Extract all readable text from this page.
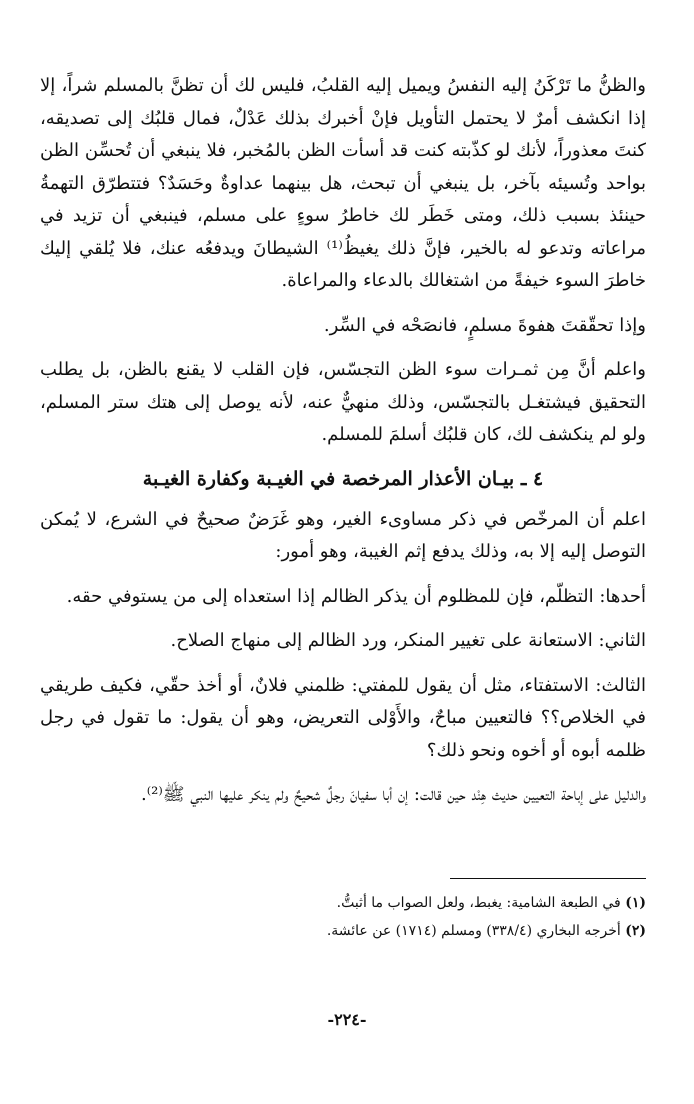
والظنُّ ما تَرْكَنُ إليه النفسُ ويميل إليه القلبُ، فليس لك أن تظنَّ بالمسلم شراً، إلا إذا انكشف أمرٌ لا يحتمل التأويل فإنْ أخبرك بذلك عَدْلٌ، فمال قلبُك إلى تصديقه، كنتَ معذوراً، لأنك لو كذّبته كنت قد أسأت الظن بالمُخبر، فلا ينبغي أن تُحسِّن الظن بواحد وتُسيئه بآخر، بل ينبغي أن تبحث، هل بينهما عداوةٌ وحَسَدٌ؟ فتتطرّق التهمةُ حينئذ بسبب ذلك، ومتى خَطَر لك خاطرُ سوءٍ على مسلم، فينبغي أن تزيد في مراعاته وتدعو له بالخير، فإنَّ ذلك يغيظُ⁽¹⁾ الشيطانَ ويدفعُه عنك، فلا يُلقي إليك خاطرَ السوء خيفةً من اشتغالك بالدعاء والمراعاة.

وإذا تحقّقتَ هفوةَ مسلمٍ، فانصَحْه في السِّر.

واعلم أنَّ مِن ثمـرات سوء الظن التجسّس، فإن القلب لا يقنع بالظن، بل يطلب التحقيق فيشتغـل بالتجسّس، وذلك منهيٌّ عنه، لأنه يوصل إلى هتك ستر المسلم، ولو لم ينكشف لك، كان قلبُك أسلمَ للمسلم.

٤ ـ بيـان الأعذار المرخصة في الغيـبة وكفارة الغيـبة

اعلم أن المرخّص في ذكر مساوىء الغير، وهو غَرَضٌ صحيحٌ في الشرع، لا يُمكن التوصل إليه إلا به، وذلك يدفع إثم الغيبة، وهو أمور:

أحدها: التظلّم، فإن للمظلوم أن يذكر الظالم إذا استعداه إلى من يستوفي حقه.

الثاني: الاستعانة على تغيير المنكر، ورد الظالم إلى منهاج الصلاح.

الثالث: الاستفتاء، مثل أن يقول للمفتي: ظلمني فلانٌ، أو أخذ حقّي، فكيف طريقي في الخلاص؟؟ فالتعيين مباحٌ، والأَوْلى التعريض، وهو أن يقول: ما تقول في رجل ظلمه أبوه أو أخوه ونحو ذلك؟

والدليل على إباحة التعيين حديث هِنْد حين قالت: إن أبا سفيانَ رجلٌ شحيحٌ ولم ينكر عليها النبي ﷺ⁽²⁾.

(١) في الطبعة الشامية: يغبط، ولعل الصواب ما أثبتُّ.

(٢) أخرجه البخاري (٣٣٨/٤) ومسلم (١٧١٤) عن عائشة.

-٢٢٤-
